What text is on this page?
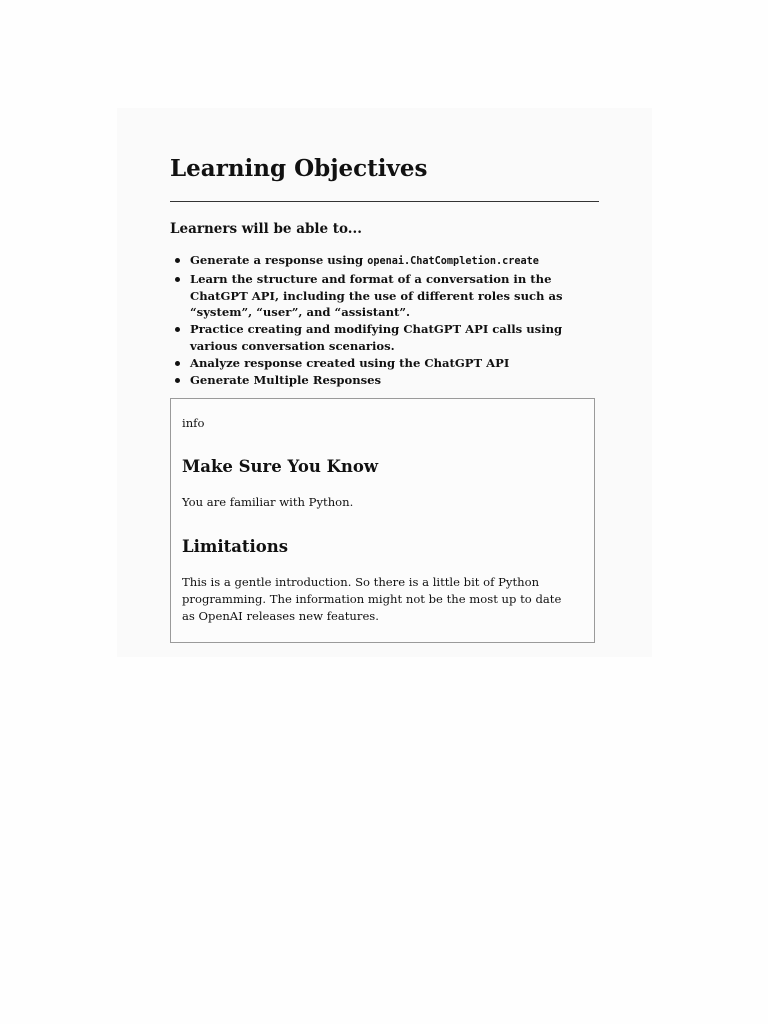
Learning Objectives
Learners will be able to...
Generate a response using openai.ChatCompletion.create
Learn the structure and format of a conversation in the ChatGPT API, including the use of different roles such as “system”, “user”, and “assistant”.
Practice creating and modifying ChatGPT API calls using various conversation scenarios.
Analyze response created using the ChatGPT API
Generate Multiple Responses
info
Make Sure You Know

You are familiar with Python.

Limitations

This is a gentle introduction. So there is a little bit of Python programming. The information might not be the most up to date as OpenAI releases new features.
